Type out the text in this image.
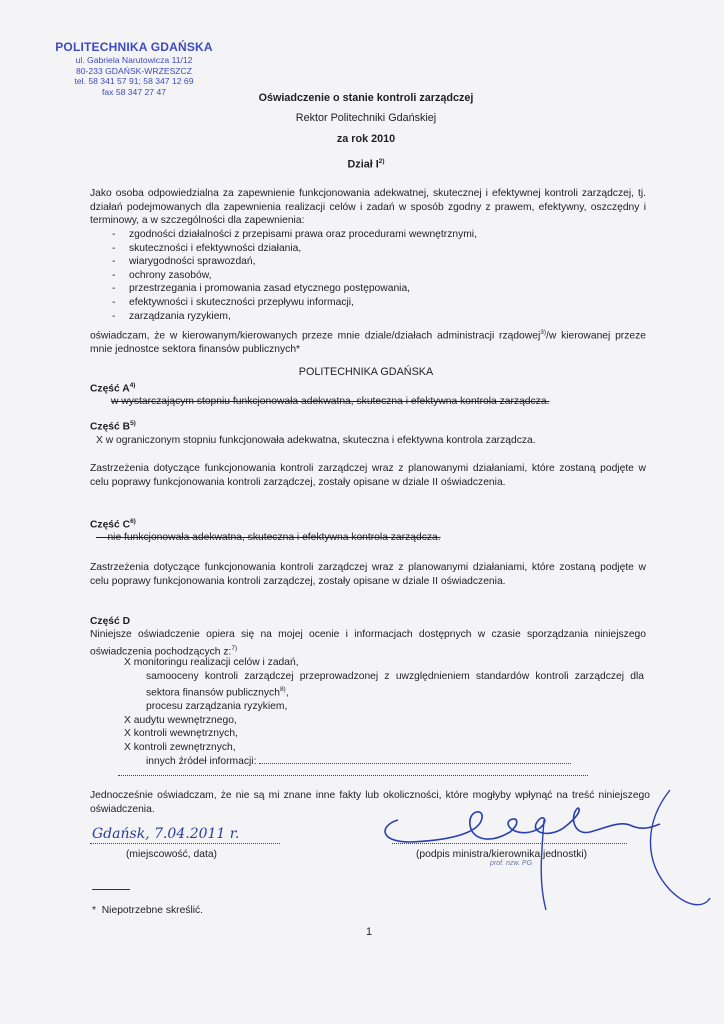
POLITECHNIKA GDAŃSKA
ul. Gabriela Narutowicza 11/12
80-233 GDAŃSK-WRZESZCZ
tel. 58 341 57 91; 58 347 12 69
fax 58 347 27 47
Oświadczenie o stanie kontroli zarządczej
Rektor Politechniki Gdańskiej
za rok 2010
Dział $I^{2)}$
Jako osoba odpowiedzialna za zapewnienie funkcjonowania adekwatnej, skutecznej i efektywnej kontroli zarządczej, tj. działań podejmowanych dla zapewnienia realizacji celów i zadań w sposób zgodny z prawem, efektywny, oszczędny i terminowy, a w szczególności dla zapewnienia:
- zgodności działalności z przepisami prawa oraz procedurami wewnętrznymi,
- skuteczności i efektywności działania,
- wiarygodności sprawozdań,
- ochrony zasobów,
- przestrzegania i promowania zasad etycznego postępowania,
- efektywności i skuteczności przepływu informacji,
- zarządzania ryzykiem,
oświadczam, że w kierowanym/kierowanych przeze mnie dziale/działach administracji rządowej$^{3)}$/w kierowanej przeze mnie jednostce sektora finansów publicznych*
POLITECHNIKA GDAŃSKA
Część $A^{4)}$
w wystarczającym stopniu funkcjonowała adekwatna, skuteczna i efektywna kontrola zarządcza.
Część $B^{5)}$
X w ograniczonym stopniu funkcjonowała adekwatna, skuteczna i efektywna kontrola zarządcza.
Zastrzeżenia dotyczące funkcjonowania kontroli zarządczej wraz z planowanymi działaniami, które zostaną podjęte w celu poprawy funkcjonowania kontroli zarządczej, zostały opisane w dziale II oświadczenia.
Część $C^{6)}$
nie funkcjonowała adekwatna, skuteczna i efektywna kontrola zarządcza.
Zastrzeżenia dotyczące funkcjonowania kontroli zarządczej wraz z planowanymi działaniami, które zostaną podjęte w celu poprawy funkcjonowania kontroli zarządczej, zostały opisane w dziale II oświadczenia.
Część D
Niniejsze oświadczenie opiera się na mojej ocenie i informacjach dostępnych w czasie sporządzania niniejszego oświadczenia pochodzących z:$^{7)}$
X monitoringu realizacji celów i zadań,
samooceny kontroli zarządczej przeprowadzonej z uwzględnieniem standardów kontroli zarządczej dla sektora finansów publicznych$^{8)}$,
procesu zarządzania ryzykiem,
X audytu wewnętrznego,
X kontroli wewnętrznych,
X kontroli zewnętrznych,
innych źródeł informacji:
Jednocześnie oświadczam, że nie są mi znane inne fakty lub okoliczności, które mogłyby wpłynąć na treść niniejszego oświadczenia.
Gdańsk, 7.04.2011 r.
(miejscowość, data)	(podpis ministra/kierownika jednostki)
prof. nzw. PG
* Niepotrzebne skreślić.
1
